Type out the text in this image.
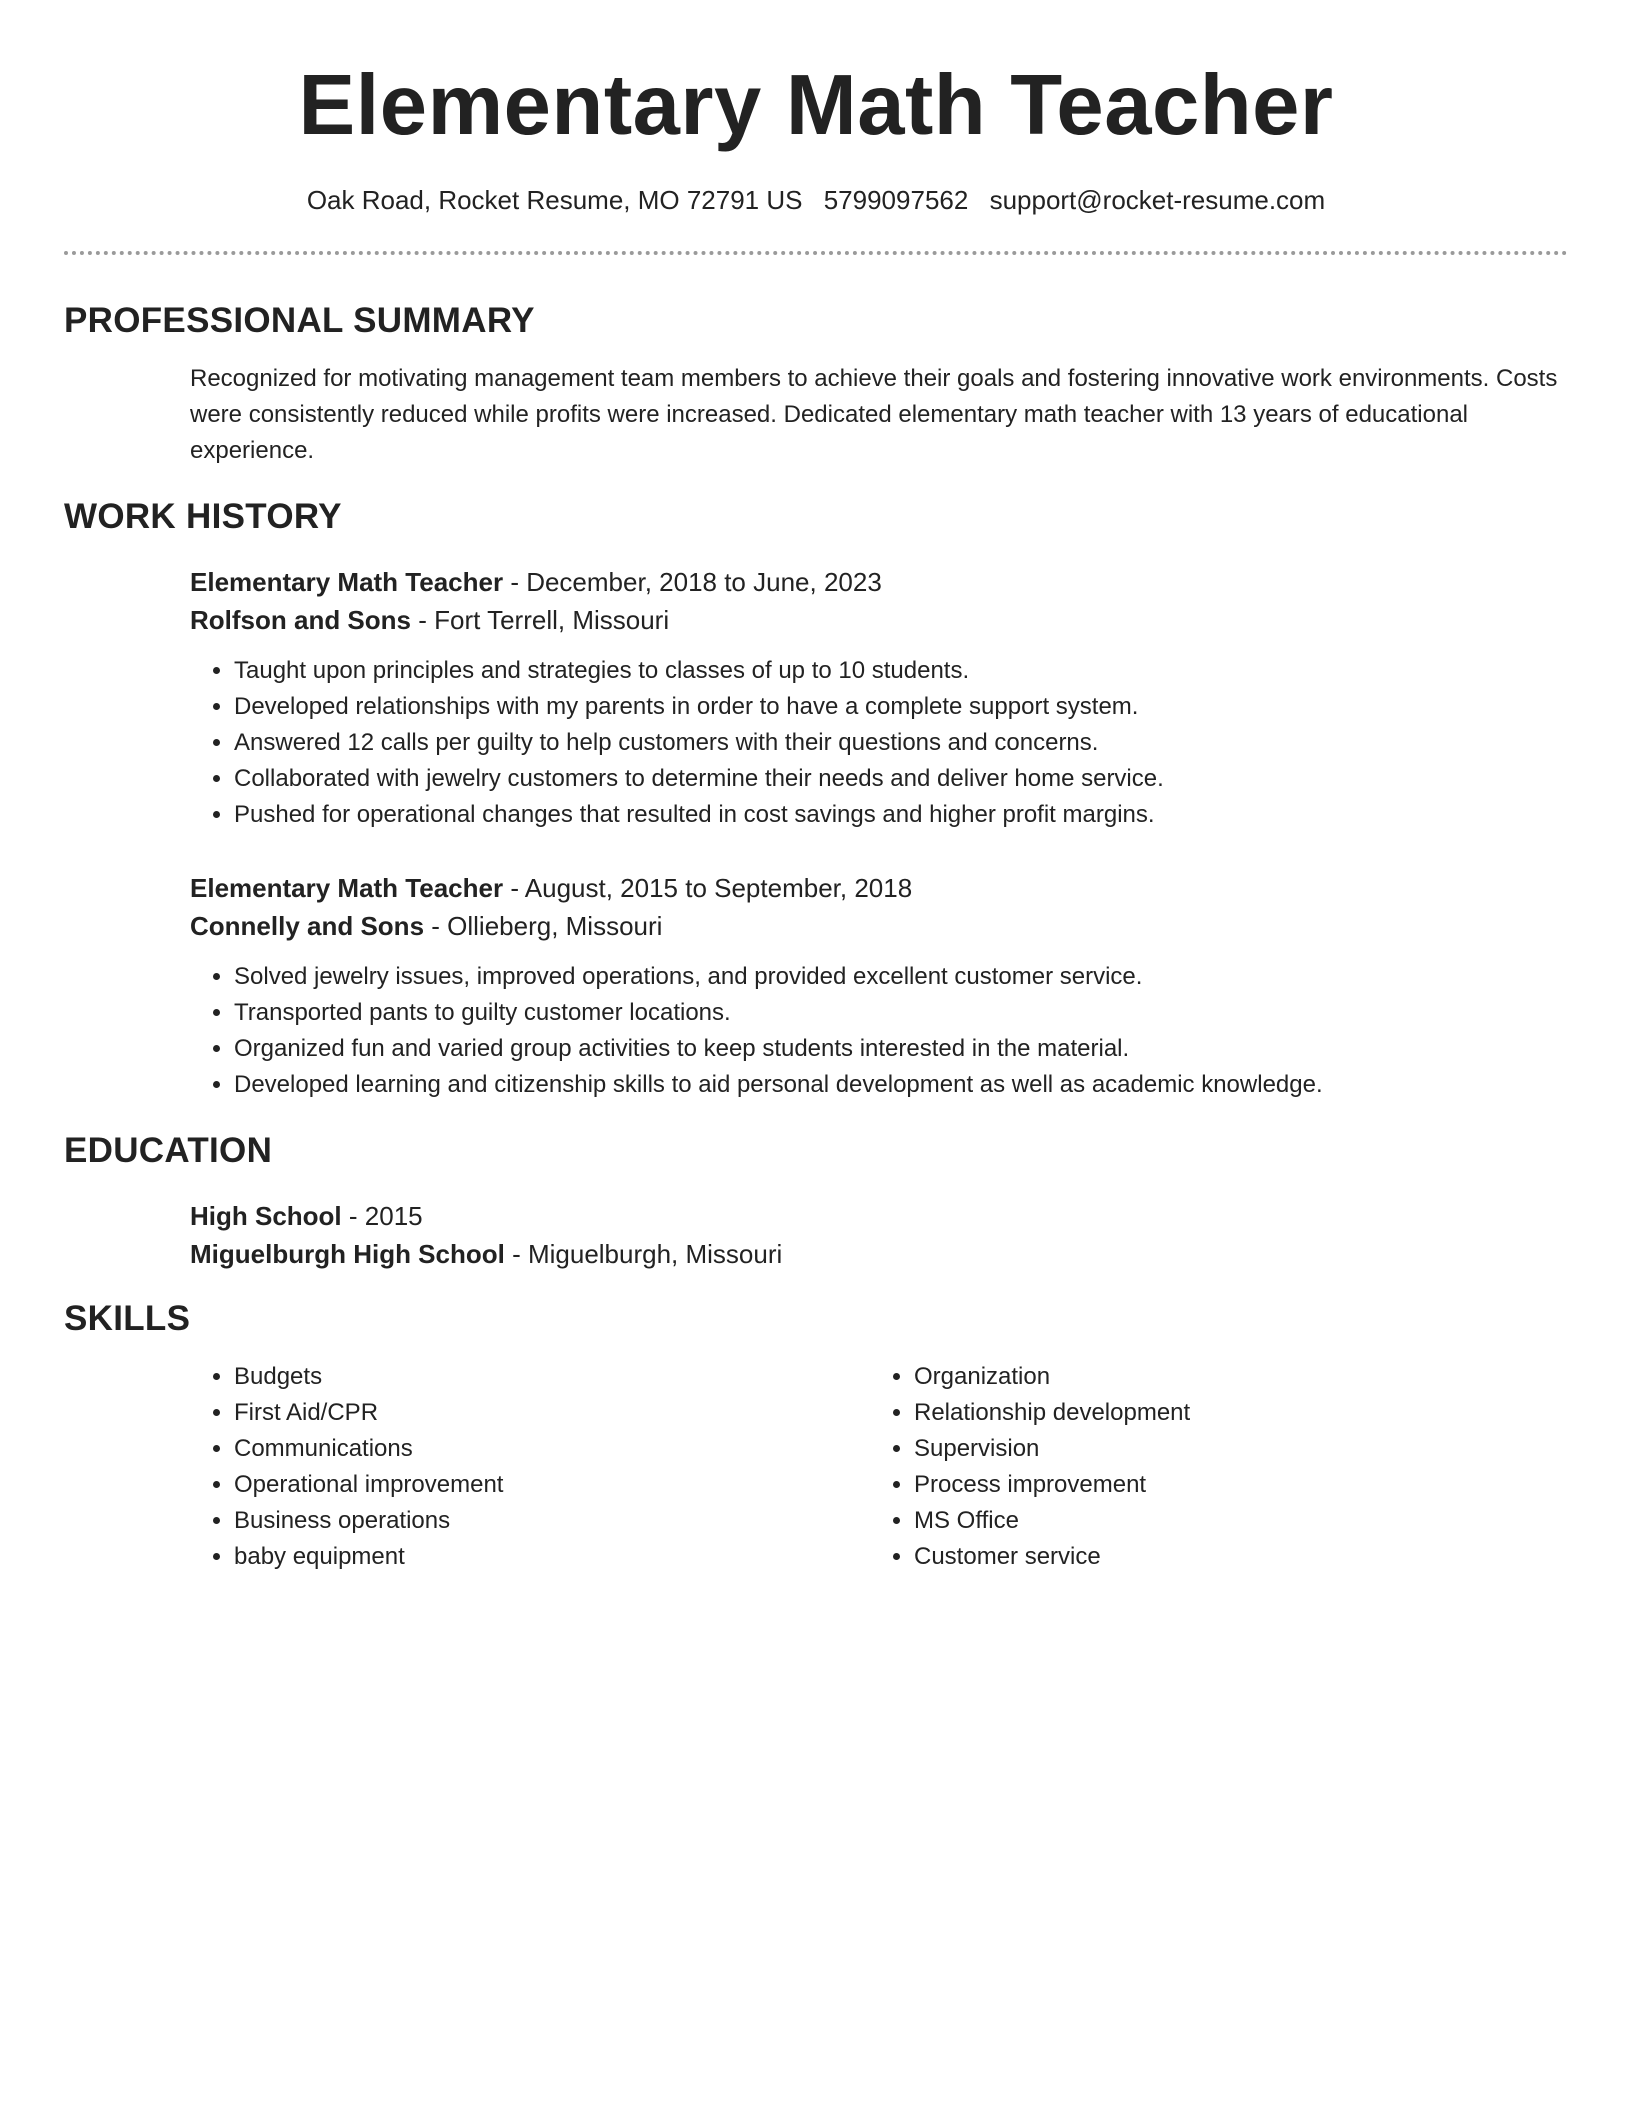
Elementary Math Teacher
Oak Road, Rocket Resume, MO 72791 US 5799097562 support@rocket-resume.com
PROFESSIONAL SUMMARY
Recognized for motivating management team members to achieve their goals and fostering innovative work environments. Costs were consistently reduced while profits were increased. Dedicated elementary math teacher with 13 years of educational experience.
WORK HISTORY
Elementary Math Teacher - December, 2018 to June, 2023
Rolfson and Sons - Fort Terrell, Missouri
• Taught upon principles and strategies to classes of up to 10 students.
• Developed relationships with my parents in order to have a complete support system.
• Answered 12 calls per guilty to help customers with their questions and concerns.
• Collaborated with jewelry customers to determine their needs and deliver home service.
• Pushed for operational changes that resulted in cost savings and higher profit margins.
Elementary Math Teacher - August, 2015 to September, 2018
Connelly and Sons - Ollieberg, Missouri
• Solved jewelry issues, improved operations, and provided excellent customer service.
• Transported pants to guilty customer locations.
• Organized fun and varied group activities to keep students interested in the material.
• Developed learning and citizenship skills to aid personal development as well as academic knowledge.
EDUCATION
High School - 2015
Miguelburgh High School - Miguelburgh, Missouri
SKILLS
• Budgets
• First Aid/CPR
• Communications
• Operational improvement
• Business operations
• baby equipment
• Organization
• Relationship development
• Supervision
• Process improvement
• MS Office
• Customer service
